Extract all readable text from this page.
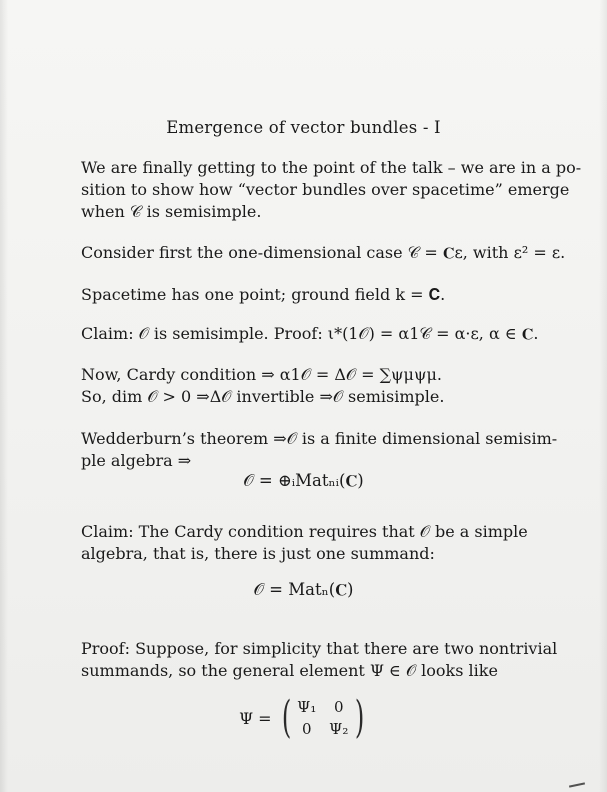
Emergence of vector bundles - I
We are finally getting to the point of the talk – we are in a po-
sition to show how “vector bundles over spacetime” emerge
when 𝒞 is semisimple.
Consider first the one-dimensional case 𝒞 = 𝐂ε, with ε² = ε.
Spacetime has one point; ground field k = 𝐂.
Claim: 𝒪 is semisimple. Proof: ι*(1𝒪) = α1𝒞 = α·ε, α ∈ 𝐂.
Now, Cardy condition ⇒ α1𝒪 = Δ𝒪 = ∑ψμψμ.
So, dim 𝒪 > 0 ⇒Δ𝒪 invertible ⇒𝒪 semisimple.
Wedderburn’s theorem ⇒𝒪 is a finite dimensional semisim-
ple algebra ⇒
𝒪 = ⊕ᵢMatₙᵢ(𝐂)
Claim: The Cardy condition requires that 𝒪 be a simple
algebra, that is, there is just one summand:
𝒪 = Matₙ(𝐂)
Proof: Suppose, for simplicity that there are two nontrivial
summands, so the general element Ψ ∈ 𝒪 looks like
Ψ = ( Ψ₁ 0
0 Ψ₂ )
